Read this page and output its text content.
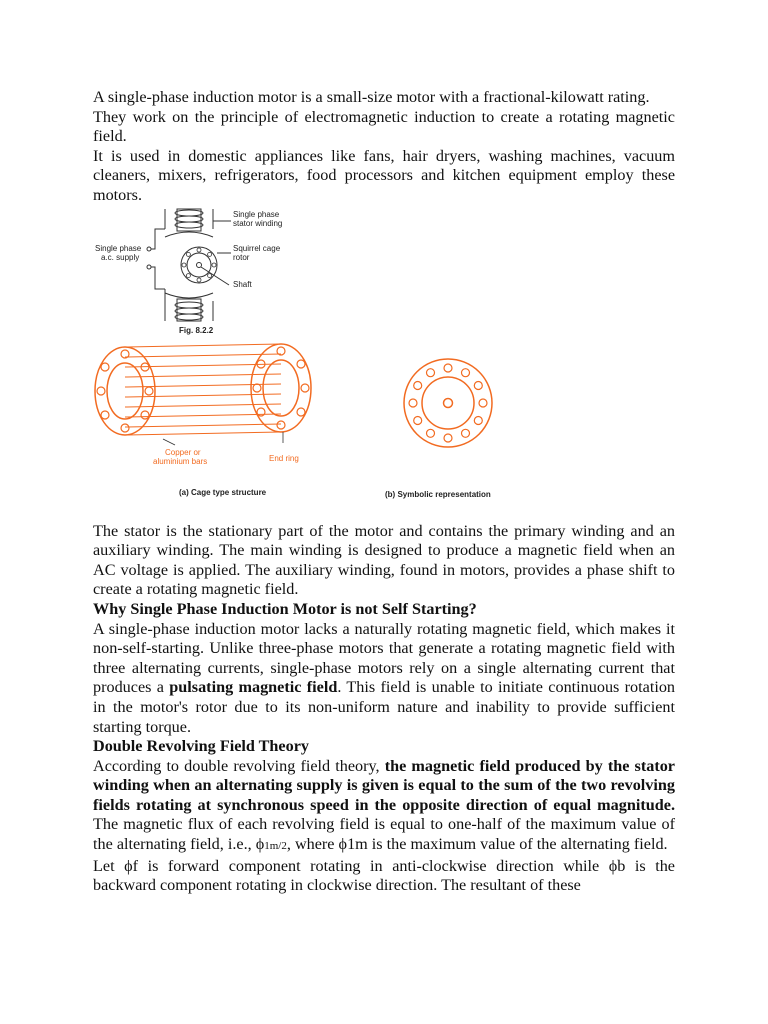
A single-phase induction motor is a small-size motor with a fractional-kilowatt rating.

They work on the principle of electromagnetic induction to create a rotating magnetic field.

It is used in domestic appliances like fans, hair dryers, washing machines, vacuum cleaners, mixers, refrigerators, food processors and kitchen equipment employ these motors.

Single phase
a.c. supply
Single phase
stator winding
Squirrel cage
rotor
Shaft
Fig. 8.2.2
Copper or
aluminium bars	End ring
(a) Cage type structure	(b) Symbolic representation

The stator is the stationary part of the motor and contains the primary winding and an auxiliary winding. The main winding is designed to produce a magnetic field when an AC voltage is applied. The auxiliary winding, found in motors, provides a phase shift to create a rotating magnetic field.

Why Single Phase Induction Motor is not Self Starting?

A single-phase induction motor lacks a naturally rotating magnetic field, which makes it non-self-starting. Unlike three-phase motors that generate a rotating magnetic field with three alternating currents, single-phase motors rely on a single alternating current that produces a pulsating magnetic field. This field is unable to initiate continuous rotation in the motor's rotor due to its non-uniform nature and inability to provide sufficient starting torque.

Double Revolving Field Theory

According to double revolving field theory, the magnetic field produced by the stator winding when an alternating supply is given is equal to the sum of the two revolving fields rotating at synchronous speed in the opposite direction of equal magnitude. The magnetic flux of each revolving field is equal to one-half of the maximum value of the alternating field, i.e., ϕ1m/2, where ϕ1m is the maximum value of the alternating field.

Let ϕf is forward component rotating in anti-clockwise direction while ϕb is the backward component rotating in clockwise direction. The resultant of these
